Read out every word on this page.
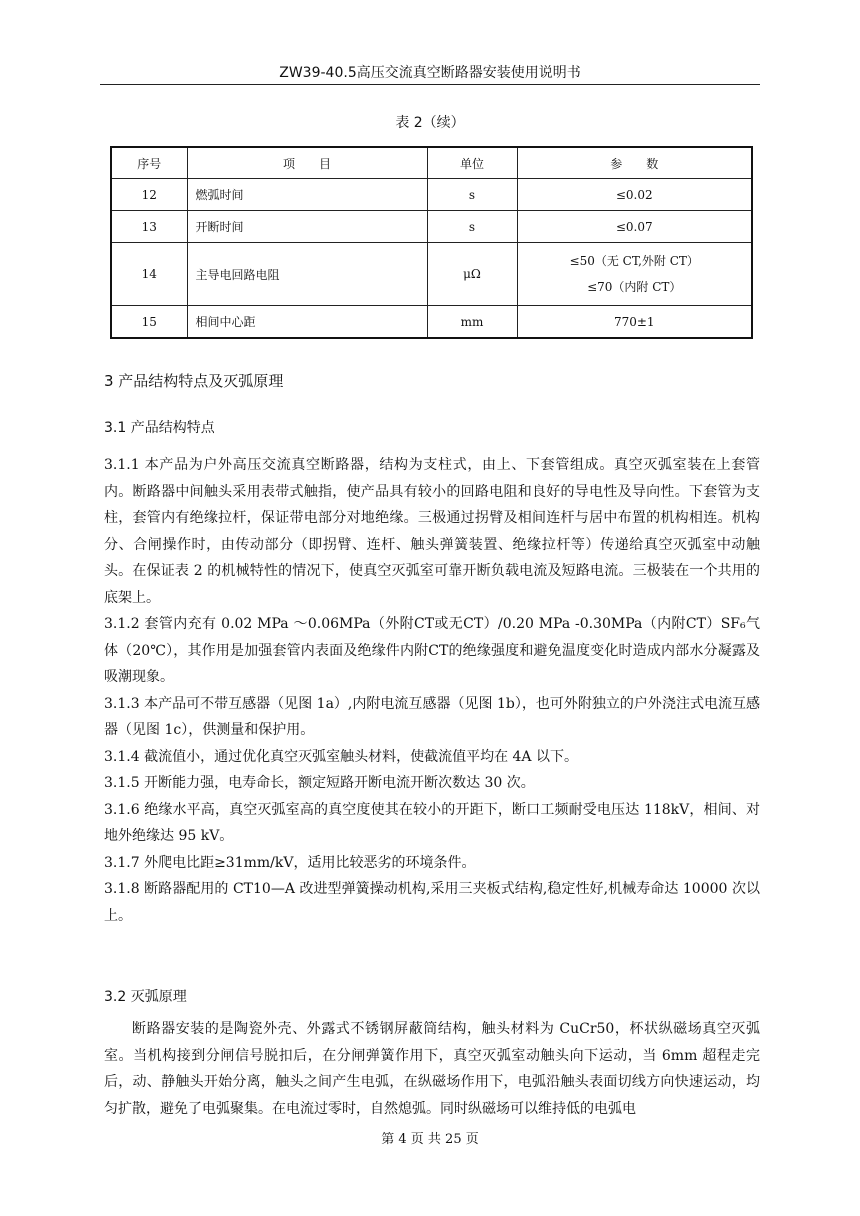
ZW39-40.5高压交流真空断路器安装使用说明书
表 2（续）
序号	项　　目	单位	参　　数
12	燃弧时间	s	≤0.02
13	开断时间	s	≤0.07
14	主导电回路电阻	μΩ	≤50（无 CT,外附 CT）
≤70（内附 CT）

15	相间中心距	mm	770±1
3 产品结构特点及灭弧原理
3.1 产品结构特点

3.1.1 本产品为户外高压交流真空断路器，结构为支柱式，由上、下套管组成。真空灭弧室装在上套管内。断路器中间触头采用表带式触指，使产品具有较小的回路电阻和良好的导电性及导向性。下套管为支柱，套管内有绝缘拉杆，保证带电部分对地绝缘。三极通过拐臂及相间连杆与居中布置的机构相连。机构分、合闸操作时，由传动部分（即拐臂、连杆、触头弹簧装置、绝缘拉杆等）传递给真空灭弧室中动触头。在保证表 2 的机械特性的情况下，使真空灭弧室可靠开断负载电流及短路电流。三极装在一个共用的底架上。

3.1.2 套管内充有 0.02 MPa ～0.06MPa（外附CT或无CT）/0.20 MPa -0.30MPa（内附CT）SF₆气体（20℃），其作用是加强套管内表面及绝缘件内附CT的绝缘强度和避免温度变化时造成内部水分凝露及吸潮现象。

3.1.3 本产品可不带互感器（见图 1a）,内附电流互感器（见图 1b），也可外附独立的户外浇注式电流互感器（见图 1c），供测量和保护用。

3.1.4 截流值小，通过优化真空灭弧室触头材料，使截流值平均在 4A 以下。

3.1.5 开断能力强，电寿命长，额定短路开断电流开断次数达 30 次。

3.1.6 绝缘水平高，真空灭弧室高的真空度使其在较小的开距下，断口工频耐受电压达 118kV，相间、对地外绝缘达 95 kV。

3.1.7 外爬电比距≥31mm/kV，适用比较恶劣的环境条件。

3.1.8 断路器配用的 CT10—A 改进型弹簧操动机构,采用三夹板式结构,稳定性好,机械寿命达 10000 次以上。

3.2 灭弧原理
断路器安装的是陶瓷外壳、外露式不锈钢屏蔽筒结构，触头材料为 CuCr50，杯状纵磁场真空灭弧室。当机构接到分闸信号脱扣后，在分闸弹簧作用下，真空灭弧室动触头向下运动，当 6mm 超程走完后，动、静触头开始分离，触头之间产生电弧，在纵磁场作用下，电弧沿触头表面切线方向快速运动，均匀扩散，避免了电弧聚集。在电流过零时，自然熄弧。同时纵磁场可以维持低的电弧电
第 4 页 共 25 页
